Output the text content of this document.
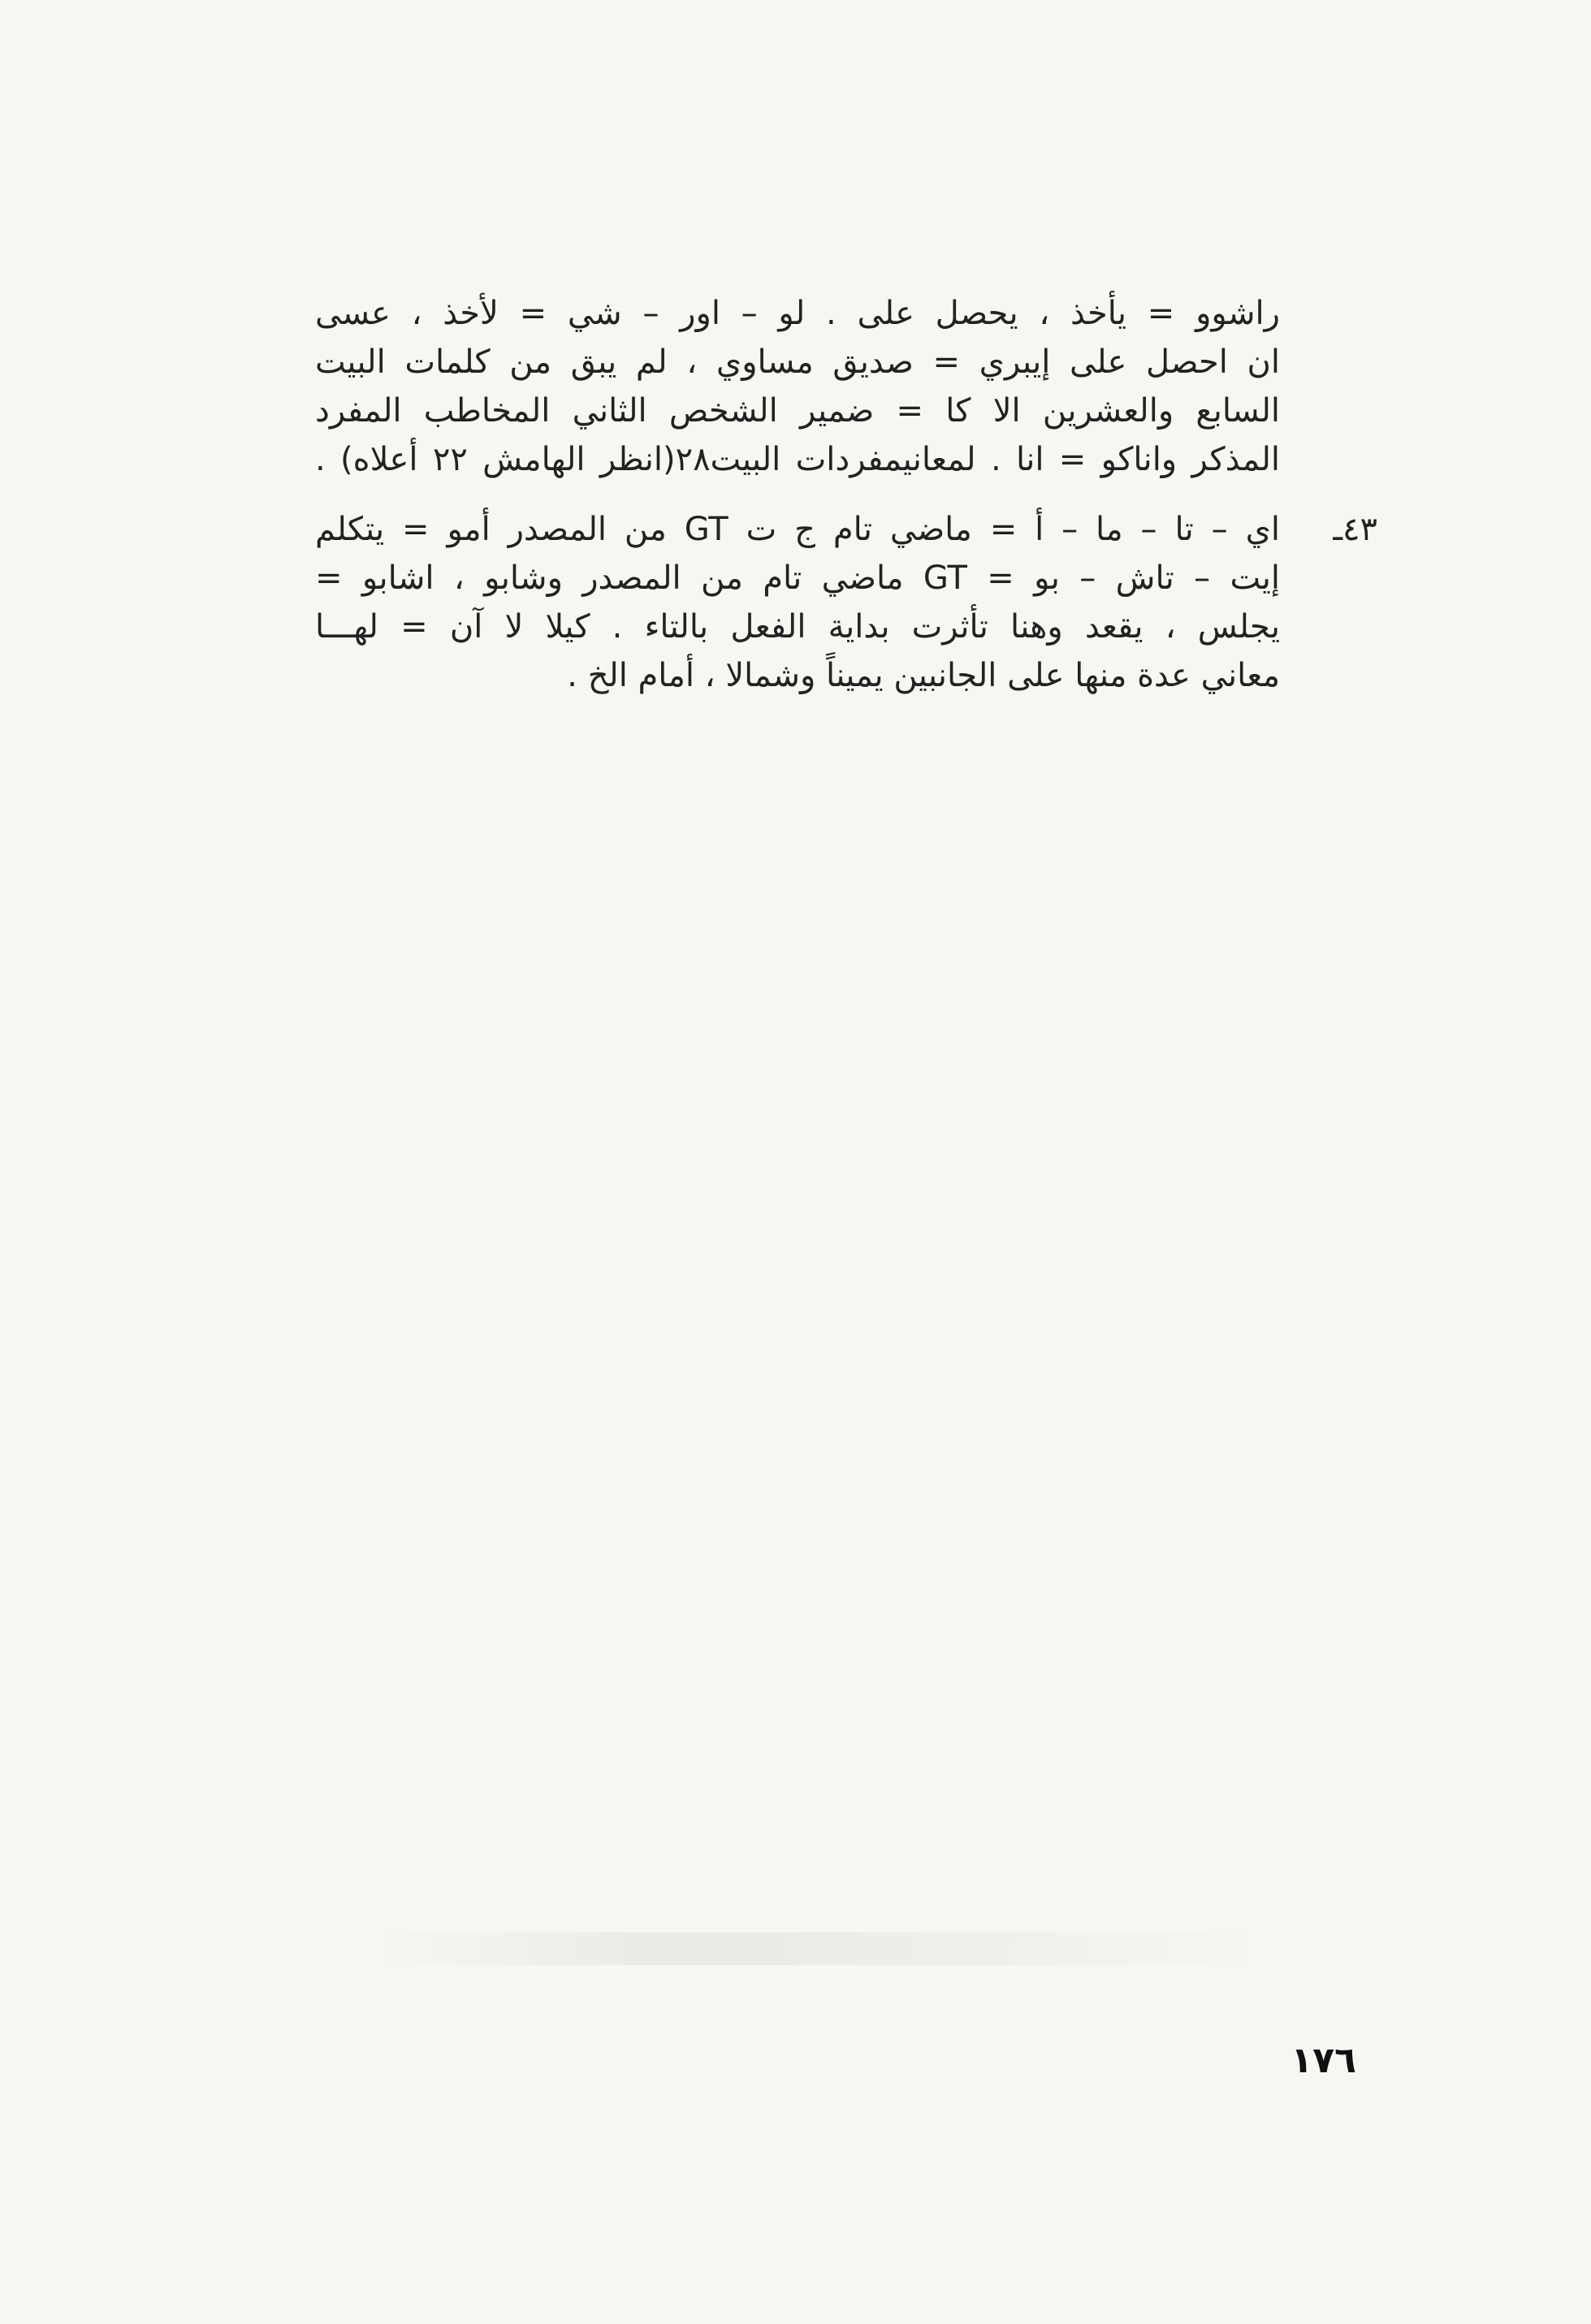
راشوو = يأخذ ، يحصل على . لو – اور – شي = لأخذ ، عسى
ان احصل على إيبري = صديق مساوي ، لم يبق من كلمات البيت
السابع والعشرين الا كا = ضمير الشخص الثاني المخاطب المفرد
المذكر واناكو = انا . لمعانيمفردات البيت٢٨(انظر الهامش ٢٢ أعلاه) .
٤٣ـ
اي – تا – ما – أ = ماضي تام ج ت GT من المصدر أمو = يتكلم
إيت – تاش – بو = GT ماضي تام من المصدر وشابو ، اشابو =
يجلس ، يقعد وهنا تأثرت بداية الفعل بالتاء . كيلا لا آن = لهـــا
معاني عدة منها على الجانبين يميناً وشمالا ، أمام الخ .
١٧٦
